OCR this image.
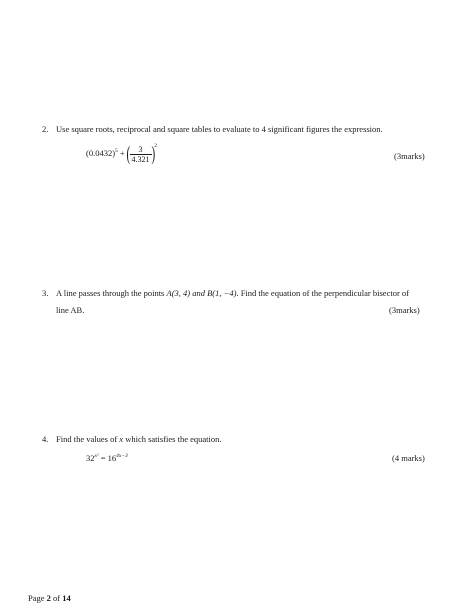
2. Use square roots, reciprocal and square tables to evaluate to 4 significant figures the expression.
$(0.0432)^5$ + ( $\frac{3}{4.321} )^2$
(3marks)
3. A line passes through the points A(3, 4) and B(1, −4). Find the equation of the perpendicular bisector of
line AB.	(3marks)
4. Find the values of x which satisfies the equation.
$32^{x^2} = 16^{4x-3}$	(4 marks)
Page 2 of 14
